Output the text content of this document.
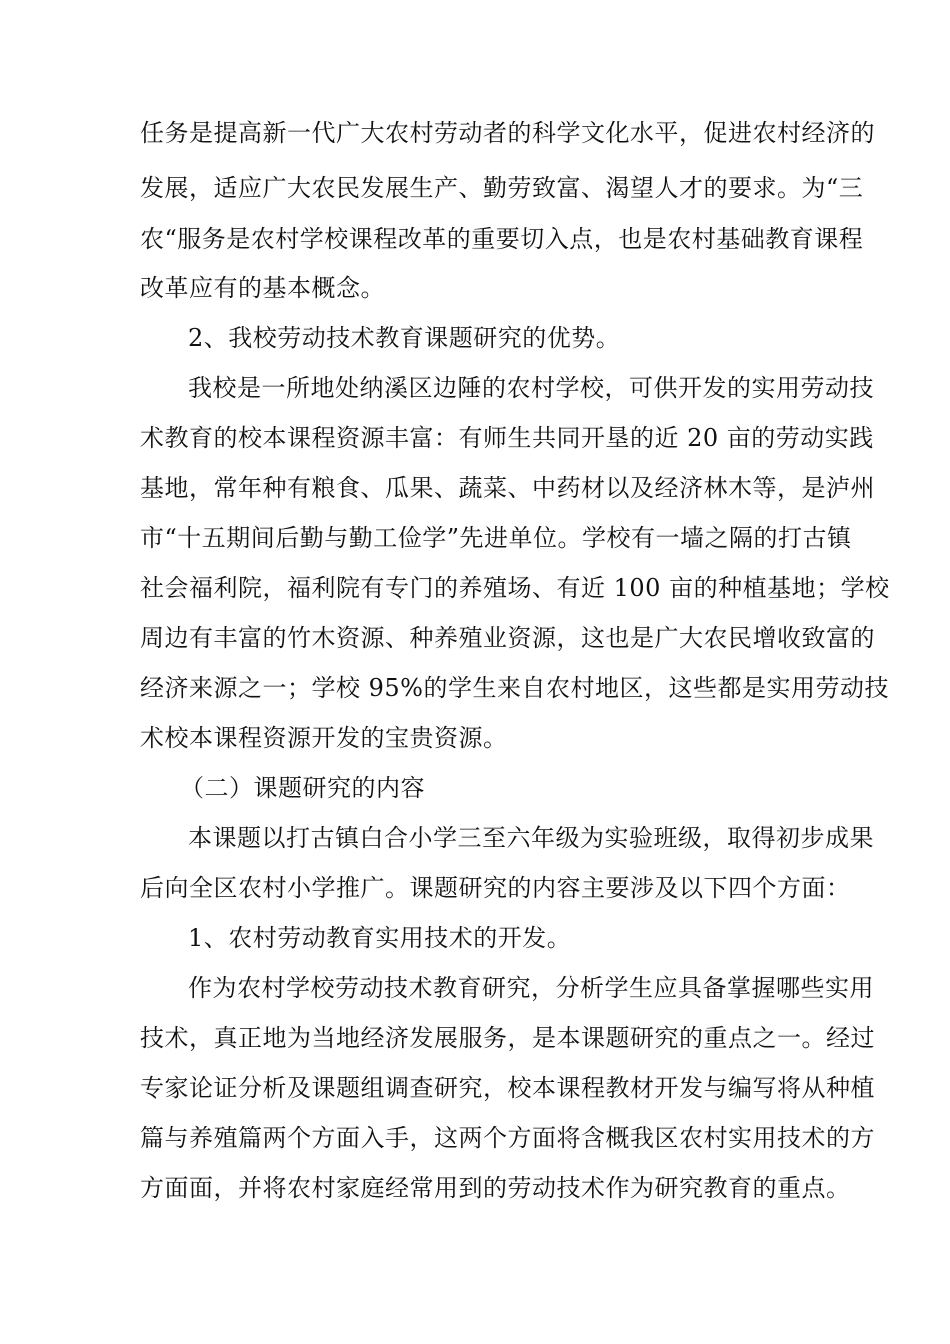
任务是提高新一代广大农村劳动者的科学文化水平，促进农村经济的
发展，适应广大农民发展生产、勤劳致富、渴望人才的要求。为“三
农“服务是农村学校课程改革的重要切入点，也是农村基础教育课程
改革应有的基本概念。
2、我校劳动技术教育课题研究的优势。
我校是一所地处纳溪区边陲的农村学校，可供开发的实用劳动技
术教育的校本课程资源丰富：有师生共同开垦的近 20 亩的劳动实践
基地，常年种有粮食、瓜果、蔬菜、中药材以及经济林木等，是泸州
市“十五期间后勤与勤工俭学”先进单位。学校有一墙之隔的打古镇
社会福利院，福利院有专门的养殖场、有近 100 亩的种植基地；学校
周边有丰富的竹木资源、种养殖业资源，这也是广大农民增收致富的
经济来源之一；学校 95%的学生来自农村地区，这些都是实用劳动技
术校本课程资源开发的宝贵资源。
（二）课题研究的内容
本课题以打古镇白合小学三至六年级为实验班级，取得初步成果
后向全区农村小学推广。课题研究的内容主要涉及以下四个方面：
1、农村劳动教育实用技术的开发。
作为农村学校劳动技术教育研究，分析学生应具备掌握哪些实用
技术，真正地为当地经济发展服务，是本课题研究的重点之一。经过
专家论证分析及课题组调查研究，校本课程教材开发与编写将从种植
篇与养殖篇两个方面入手，这两个方面将含概我区农村实用技术的方
方面面，并将农村家庭经常用到的劳动技术作为研究教育的重点。
